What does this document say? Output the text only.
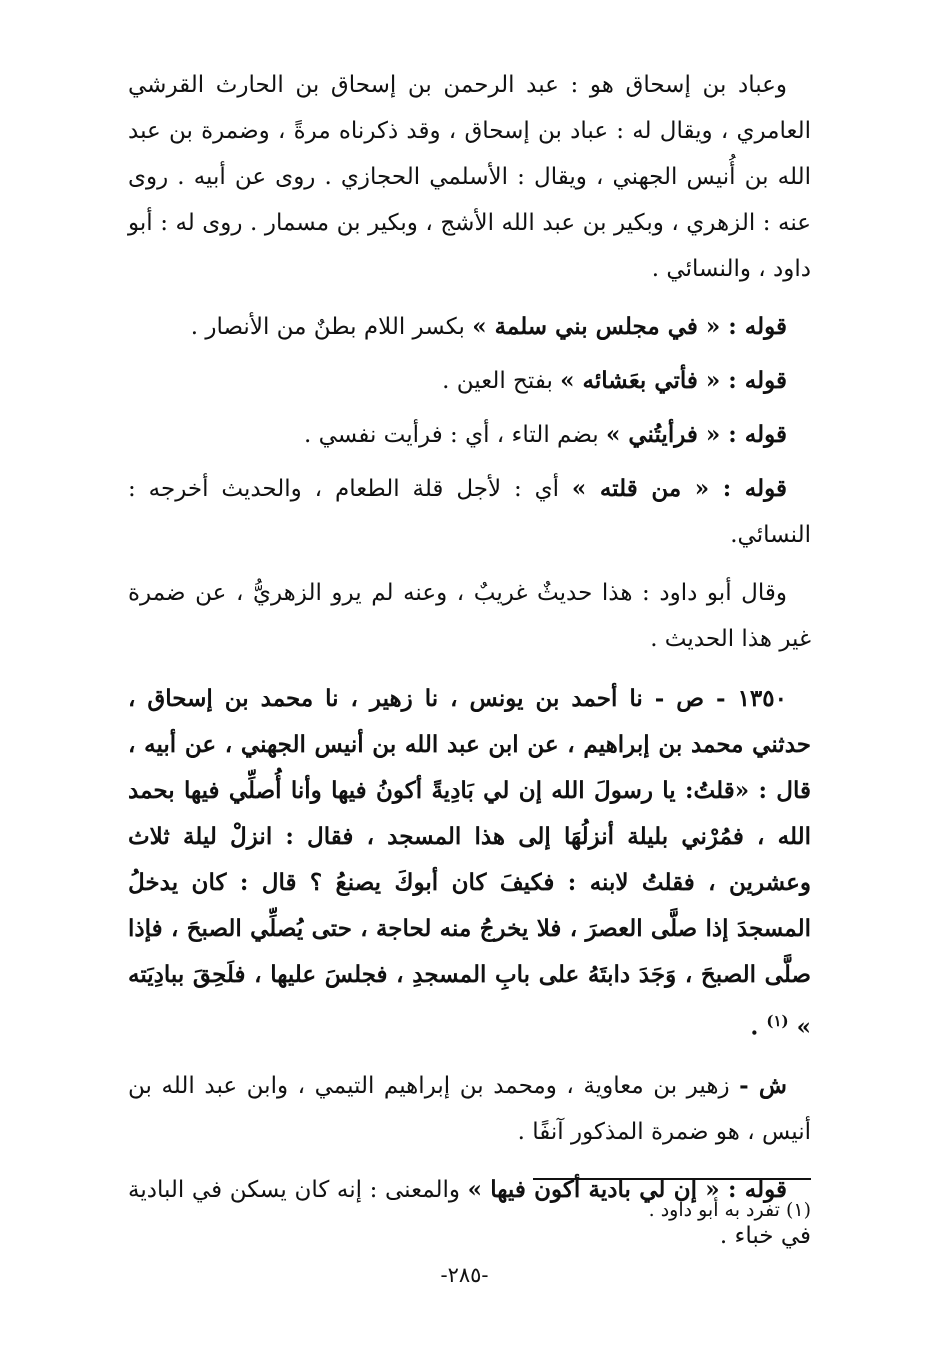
وعباد بن إسحاق هو : عبد الرحمن بن إسحاق بن الحارث القرشي العامري ، ويقال له : عباد بن إسحاق ، وقد ذكرناه مرةً ، وضمرة بن عبد الله بن أُنيس الجهني ، ويقال : الأسلمي الحجازي . روى عن أبيه . روى عنه : الزهري ، وبكير بن عبد الله الأشج ، وبكير بن مسمار . روى له : أبو داود ، والنسائي .

قوله : « في مجلس بني سلمة » بكسر اللام بطنٌ من الأنصار .

قوله : « فأتي بعَشائه » بفتح العين .

قوله : « فرأيتُني » بضم التاء ، أي : فرأيت نفسي .

قوله : « من قلته » أي : لأجل قلة الطعام ، والحديث أخرجه : النسائي.

وقال أبو داود : هذا حديثٌ غريبٌ ، وعنه لم يرو الزهريُّ ، عن ضمرة غير هذا الحديث .

١٣٥٠ - ص - نا أحمد بن يونس ، نا زهير ، نا محمد بن إسحاق ، حدثني محمد بن إبراهيم ، عن ابن عبد الله بن أنيس الجهني ، عن أبيه ، قال : «قلتُ: يا رسولَ الله إن لي بَادِيةً أكونُ فيها وأنا أُصلِّي فيها بحمد الله ، فمُرْني بليلة أنزلُهَا إلى هذا المسجد ، فقال : انزلْ ليلة ثلاث وعشرين ، فقلتُ لابنه : فكيفَ كان أبوكَ يصنعُ ؟ قال : كان يدخلُ المسجدَ إذا صلَّى العصرَ ، فلا يخرجُ منه لحاجة ، حتى يُصلِّي الصبحَ ، فإذا صلَّى الصبحَ ، وَجَدَ دابتَهُ على بابِ المسجدِ ، فجلسَ عليها ، فلَحِقَ ببادِيَته » $^{(١)}$ .

ش - زهير بن معاوية ، ومحمد بن إبراهيم التيمي ، وابن عبد الله بن أنيس ، هو ضمرة المذكور آنفًا .

قوله : « إن لي بادية أكون فيها » والمعنى : إنه كان يسكن في البادية في خباء .

(١) تفرد به أبو داود .

-٢٨٥-
